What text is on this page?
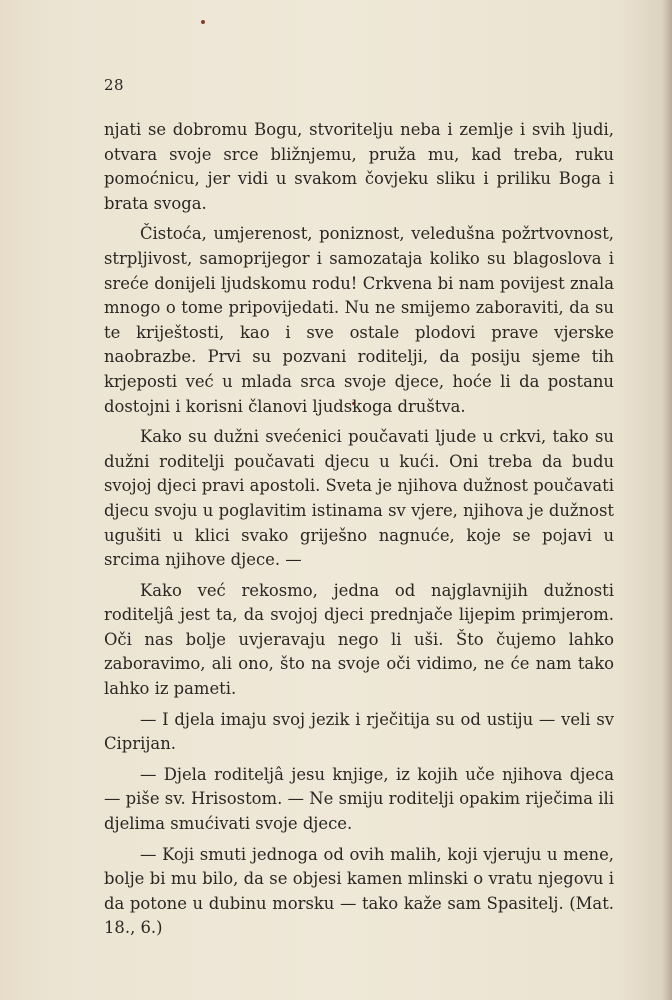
28

njati se dobromu Bogu, stvoritelju neba i zemlje i svih ljudi, otvara svoje srce bližnjemu, pruža mu, kad treba, ruku pomoćnicu, jer vidi u svakom čovjeku sliku i priliku Boga i brata svoga.

Čistoća, umjerenost, poniznost, veledušna požrtvovnost, strpljivost, samoprijegor i samozataja koliko su blagoslova i sreće donijeli ljudskomu rodu! Crkvena bi nam povijest znala mnogo o tome pripovijedati. Nu ne smijemo zaboraviti, da su te kriještosti, kao i sve ostale plodovi prave vjerske naobrazbe. Prvi su pozvani roditelji, da posiju sjeme tih krjeposti već u mlada srca svoje djece, hoće li da postanu dostojni i korisni članovi ljudskoga društva.

Kako su dužni svećenici poučavati ljude u crkvi, tako su dužni roditelji poučavati djecu u kući. Oni treba da budu svojoj djeci pravi apostoli. Sveta je njihova dužnost poučavati djecu svoju u poglavitim istinama sv vjere, njihova je dužnost ugušiti u klici svako griješno nagnuće, koje se pojavi u srcima njihove djece. —

Kako već rekosmo, jedna od najglavnijih dužnosti roditeljâ jest ta, da svojoj djeci prednjače lijepim primjerom. Oči nas bolje uvjeravaju nego li uši. Što čujemo lahko zaboravimo, ali ono, što na svoje oči vidimo, ne će nam tako lahko iz pameti.

— I djela imaju svoj jezik i rječitija su od ustiju — veli sv Ciprijan.

— Djela roditeljâ jesu knjige, iz kojih uče njihova djeca — piše sv. Hrisostom. — Ne smiju roditelji opakim riječima ili djelima smućivati svoje djece.

— Koji smuti jednoga od ovih malih, koji vjeruju u mene, bolje bi mu bilo, da se objesi kamen mlinski o vratu njegovu i da potone u dubinu morsku — tako kaže sam Spasitelj. (Mat. 18., 6.)
